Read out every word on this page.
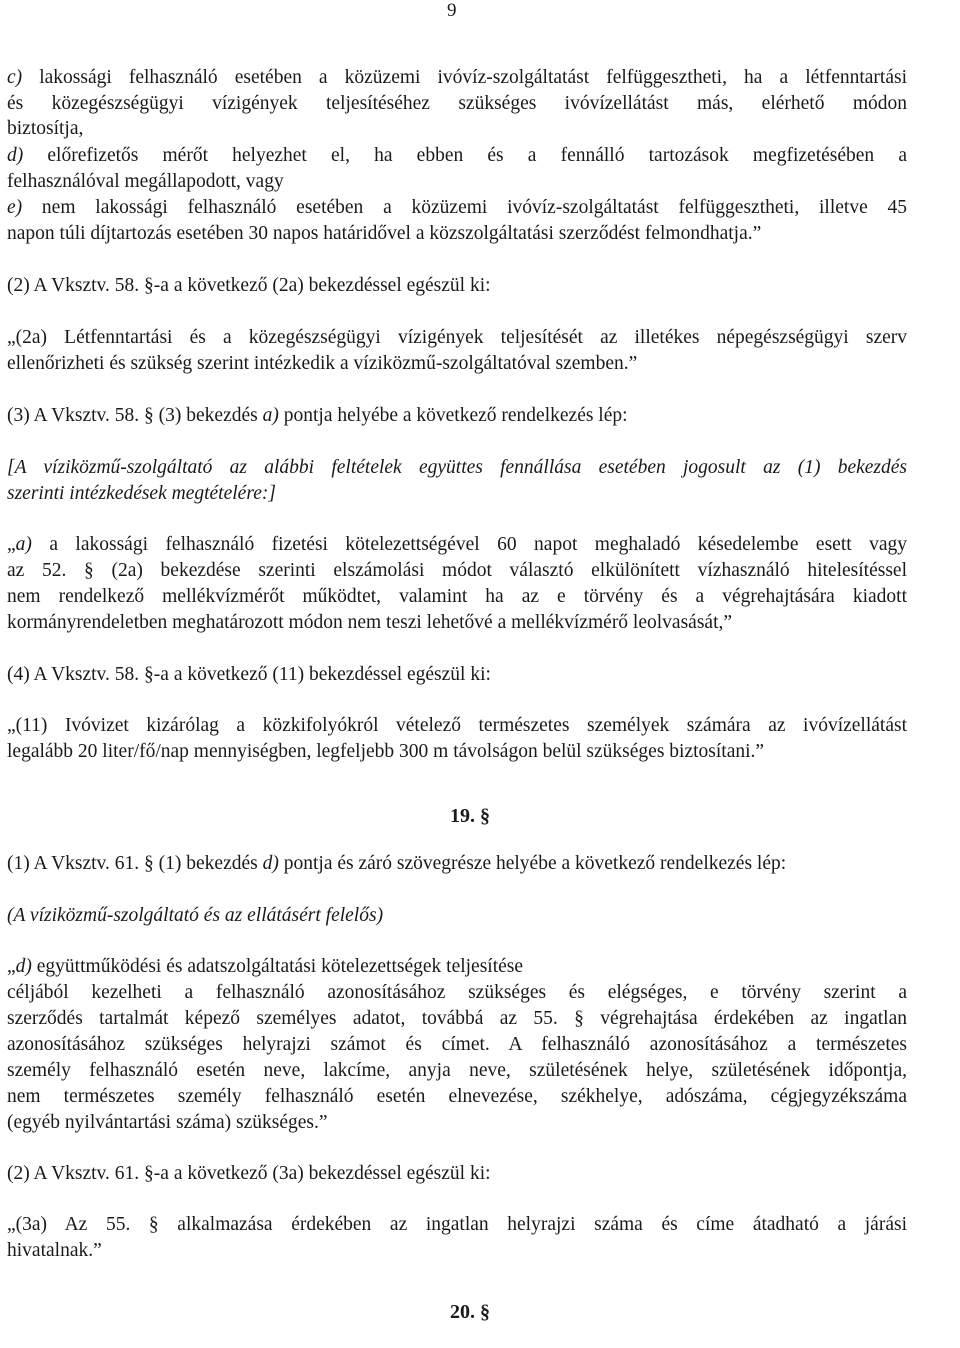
9
c) lakossági felhasználó esetében a közüzemi ivóvíz-szolgáltatást felfüggesztheti, ha a létfenntartási
és közegészségügyi vízigények teljesítéséhez szükséges ivóvízellátást más, elérhető módon
biztosítja,
d) előrefizetős mérőt helyezhet el, ha ebben és a fennálló tartozások megfizetésében a
felhasználóval megállapodott, vagy
e) nem lakossági felhasználó esetében a közüzemi ivóvíz-szolgáltatást felfüggesztheti, illetve 45
napon túli díjtartozás esetében 30 napos határidővel a közszolgáltatási szerződést felmondhatja.”
(2) A Vksztv. 58. §-a a következő (2a) bekezdéssel egészül ki:
„(2a) Létfenntartási és a közegészségügyi vízigények teljesítését az illetékes népegészségügyi szerv
ellenőrizheti és szükség szerint intézkedik a víziközmű-szolgáltatóval szemben.”
(3) A Vksztv. 58. § (3) bekezdés a) pontja helyébe a következő rendelkezés lép:
[A víziközmű-szolgáltató az alábbi feltételek együttes fennállása esetében jogosult az (1) bekezdés
szerinti intézkedések megtételére:]
„a) a lakossági felhasználó fizetési kötelezettségével 60 napot meghaladó késedelembe esett vagy
az 52. § (2a) bekezdése szerinti elszámolási módot választó elkülönített vízhasználó hitelesítéssel
nem rendelkező mellékvízmérőt működtet, valamint ha az e törvény és a végrehajtására kiadott
kormányrendeletben meghatározott módon nem teszi lehetővé a mellékvízmérő leolvasását,”
(4) A Vksztv. 58. §-a a következő (11) bekezdéssel egészül ki:
„(11) Ivóvizet kizárólag a közkifolyókról vételező természetes személyek számára az ivóvízellátást
legalább 20 liter/fő/nap mennyiségben, legfeljebb 300 m távolságon belül szükséges biztosítani.”
19. §
(1) A Vksztv. 61. § (1) bekezdés d) pontja és záró szövegrésze helyébe a következő rendelkezés lép:
(A víziközmű-szolgáltató és az ellátásért felelős)
„d) együttműködési és adatszolgáltatási kötelezettségek teljesítése
céljából kezelheti a felhasználó azonosításához szükséges és elégséges, e törvény szerint a
szerződés tartalmát képező személyes adatot, továbbá az 55. § végrehajtása érdekében az ingatlan
azonosításához szükséges helyrajzi számot és címet. A felhasználó azonosításához a természetes
személy felhasználó esetén neve, lakcíme, anyja neve, születésének helye, születésének időpontja,
nem természetes személy felhasználó esetén elnevezése, székhelye, adószáma, cégjegyzékszáma
(egyéb nyilvántartási száma) szükséges.”
(2) A Vksztv. 61. §-a a következő (3a) bekezdéssel egészül ki:
„(3a) Az 55. § alkalmazása érdekében az ingatlan helyrajzi száma és címe átadható a járási
hivatalnak.”
20. §
